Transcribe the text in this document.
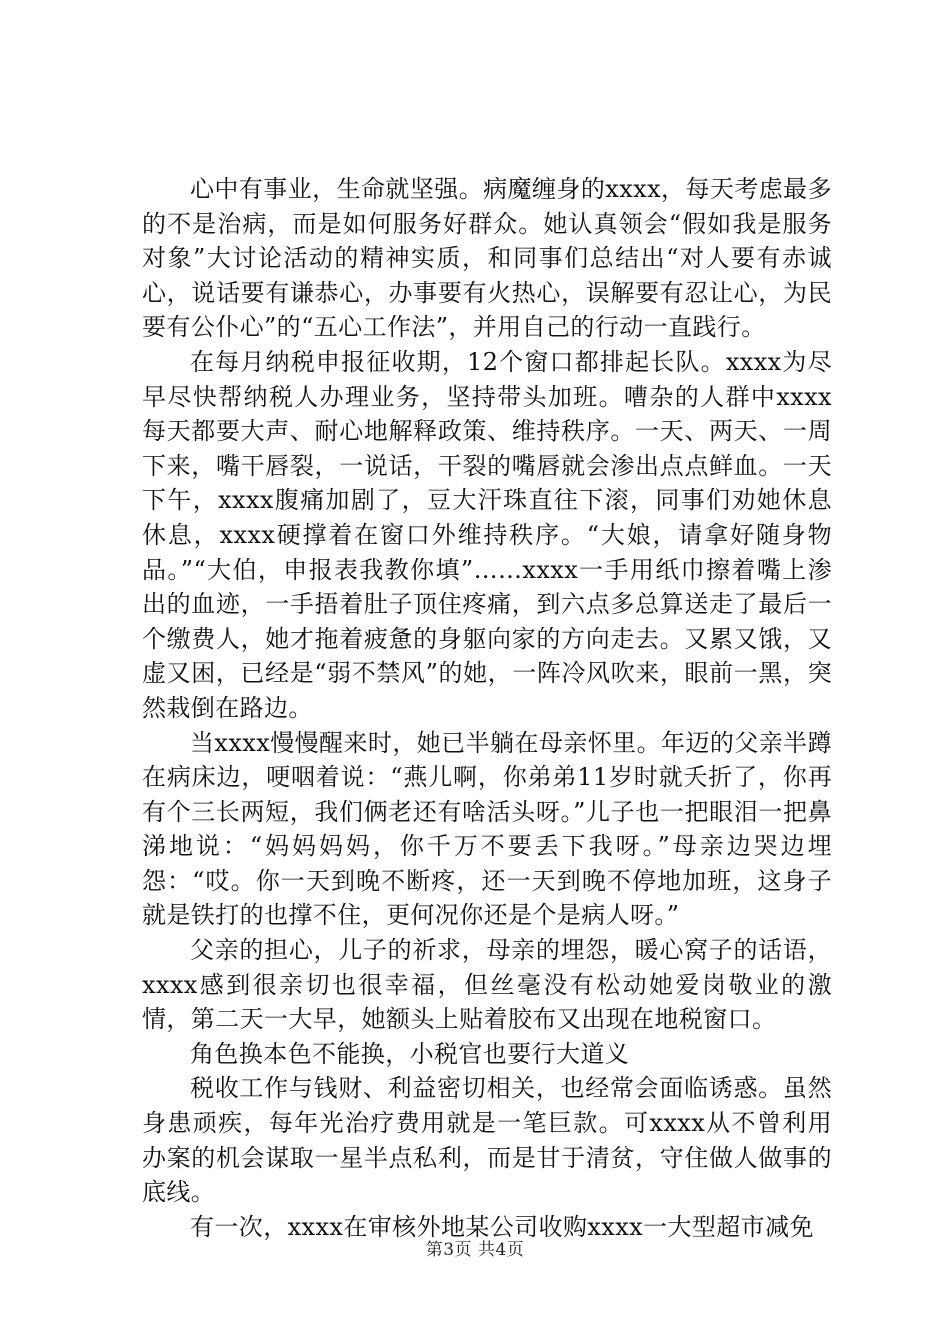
心中有事业，生命就坚强。病魔缠身的xxxx，每天考虑最多的不是治病，而是如何服务好群众。她认真领会“假如我是服务对象”大讨论活动的精神实质，和同事们总结出“对人要有赤诚心，说话要有谦恭心，办事要有火热心，误解要有忍让心，为民要有公仆心”的“五心工作法”，并用自己的行动一直践行。

在每月纳税申报征收期，12个窗口都排起长队。xxxx为尽早尽快帮纳税人办理业务，坚持带头加班。嘈杂的人群中xxxx每天都要大声、耐心地解释政策、维持秩序。一天、两天、一周下来，嘴干唇裂，一说话，干裂的嘴唇就会渗出点点鲜血。一天下午，xxxx腹痛加剧了，豆大汗珠直往下滚，同事们劝她休息休息，xxxx硬撑着在窗口外维持秩序。“大娘，请拿好随身物品。”“大伯，申报表我教你填”……xxxx一手用纸巾擦着嘴上渗出的血迹，一手捂着肚子顶住疼痛，到六点多总算送走了最后一个缴费人，她才拖着疲惫的身躯向家的方向走去。又累又饿，又虚又困，已经是“弱不禁风”的她，一阵冷风吹来，眼前一黑，突然栽倒在路边。

当xxxx慢慢醒来时，她已半躺在母亲怀里。年迈的父亲半蹲在病床边，哽咽着说：“燕儿啊，你弟弟11岁时就夭折了，你再有个三长两短，我们俩老还有啥活头呀。”儿子也一把眼泪一把鼻涕地说：“妈妈妈妈，你千万不要丢下我呀。”母亲边哭边埋怨：“哎。你一天到晚不断疼，还一天到晚不停地加班，这身子就是铁打的也撑不住，更何况你还是个是病人呀。”

父亲的担心，儿子的祈求，母亲的埋怨，暖心窝子的话语，xxxx感到很亲切也很幸福，但丝毫没有松动她爱岗敬业的激情，第二天一大早，她额头上贴着胶布又出现在地税窗口。

角色换本色不能换，小税官也要行大道义

税收工作与钱财、利益密切相关，也经常会面临诱惑。虽然身患顽疾，每年光治疗费用就是一笔巨款。可xxxx从不曾利用办案的机会谋取一星半点私利，而是甘于清贫，守住做人做事的底线。

有一次，xxxx在审核外地某公司收购xxxx一大型超市减免

第3页 共4页
